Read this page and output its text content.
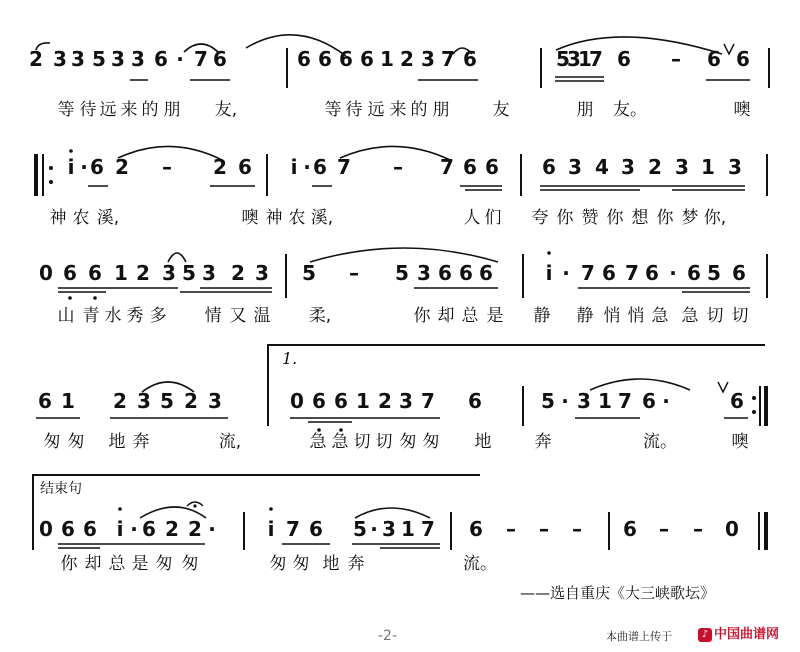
2 3 3 5 3 3 6 · 7 6	6 6 6 6 1 2 3 7 6	5
3
1
7 6 – 6 6
等 待 远 来 的 朋 友,	等 待 远 来 的 朋	友	朋 友。	噢
i · 6 2 – 2 6 i · 6 7 – 7 6 6 6 3 4 3 2 3 1 3
神 农 溪,	噢 神 农 溪,	人 们 夸 你 赞 你 想 你 梦 你,
0 6 6 1 2 3 5 3 2 3 5 – 5 3 6 6 6	i · 7 6 7 6 · 6 5 6
山 青 水 秀 多 情 又 温 柔,	你 却 总 是 静 静 悄 悄 急 急 切 切
6 1 2 3 5 2 3	0 6 6 1 2 3 7 6	5 · 3 1 7 6 ·	6
匆 匆 地 奔	流,	急 急 切 切 匆 匆 地	奔	流。	噢
1.
0 6 6 i · 6 2 2 ·	i 7 6 5 · 3 1 7 6 – – – 6 – – 0
你 却 总 是 匆 匆	匆 匆 地 奔	流。
结束句
——选自重庆《大三峡歌坛》
-2-	本曲谱上传于	♪ 中国曲谱网
